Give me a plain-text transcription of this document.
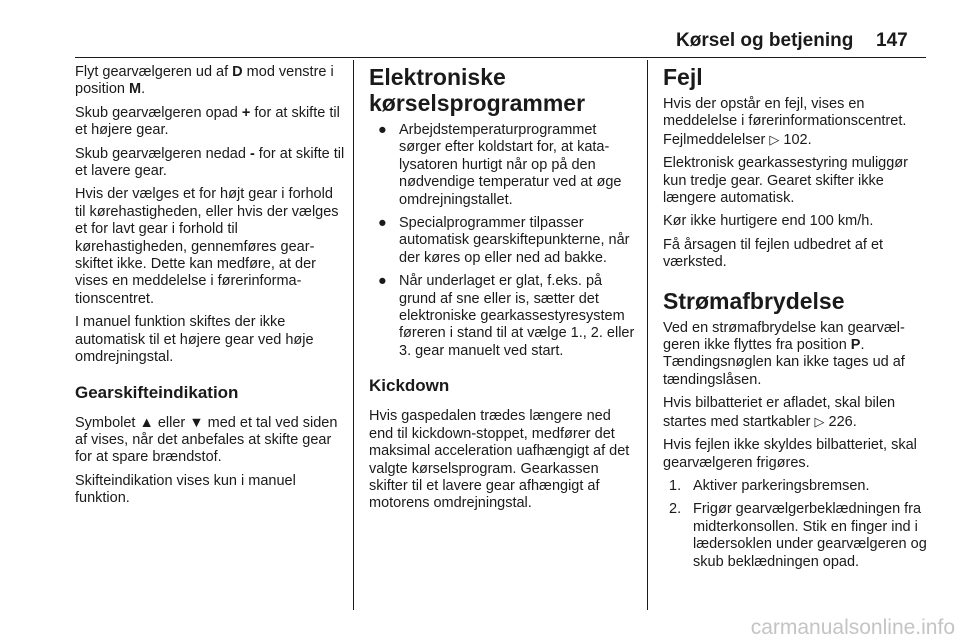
Kørsel og betjening 147

Flyt gearvælgeren ud af D mod venstre i position M.

Skub gearvælgeren opad + for at skifte til et højere gear.

Skub gearvælgeren nedad - for at skifte til et lavere gear.

Hvis der vælges et for højt gear i forhold til kørehastigheden, eller hvis der vælges et for lavt gear i forhold til kørehastigheden, gennemføres gearskiftet ikke. Dette kan medføre, at der vises en meddelelse i førerinformationscentret.

I manuel funktion skiftes der ikke automatisk til et højere gear ved høje omdrejningstal.

Gearskifteindikation

Symbolet ▲ eller ▼ med et tal ved siden af vises, når det anbefales at skifte gear for at spare brændstof.

Skifteindikation vises kun i manuel funktion.

Elektroniske kørselsprogrammer
● Arbejdstemperaturprogrammet sørger efter koldstart for, at katalysatoren hurtigt når op på den nødvendige temperatur ved at øge omdrejningstallet.
● Specialprogrammer tilpasser automatisk gearskiftepunkterne, når der køres op eller ned ad bakke.
● Når underlaget er glat, f.eks. på grund af sne eller is, sætter det elektroniske gearkassestyresystem føreren i stand til at vælge 1., 2. eller 3. gear manuelt ved start.
Kickdown

Hvis gaspedalen trædes længere ned end til kickdown-stoppet, medfører det maksimal acceleration uafhængigt af det valgte kørselsprogram. Gearkassen skifter til et lavere gear afhængigt af motorens omdrejningstal.

Fejl

Hvis der opstår en fejl, vises en meddelelse i førerinformationscentret. Fejlmeddelelser ▷ 102.

Elektronisk gearkassestyring muliggør kun tredje gear. Gearet skifter ikke længere automatisk.

Kør ikke hurtigere end 100 km/h.

Få årsagen til fejlen udbedret af et værksted.

Strømafbrydelse

Ved en strømafbrydelse kan gearvælgeren ikke flyttes fra position P. Tændingsnøglen kan ikke tages ud af tændingslåsen.

Hvis bilbatteriet er afladet, skal bilen startes med startkabler ▷ 226.

Hvis fejlen ikke skyldes bilbatteriet, skal gearvælgeren frigøres.

1. Aktiver parkeringsbremsen.
2. Frigør gearvælgerbeklædningen fra midterkonsollen. Stik en finger ind i lædersoklen under gearvælgeren og skub beklædningen opad.
carmanualsonline.info
